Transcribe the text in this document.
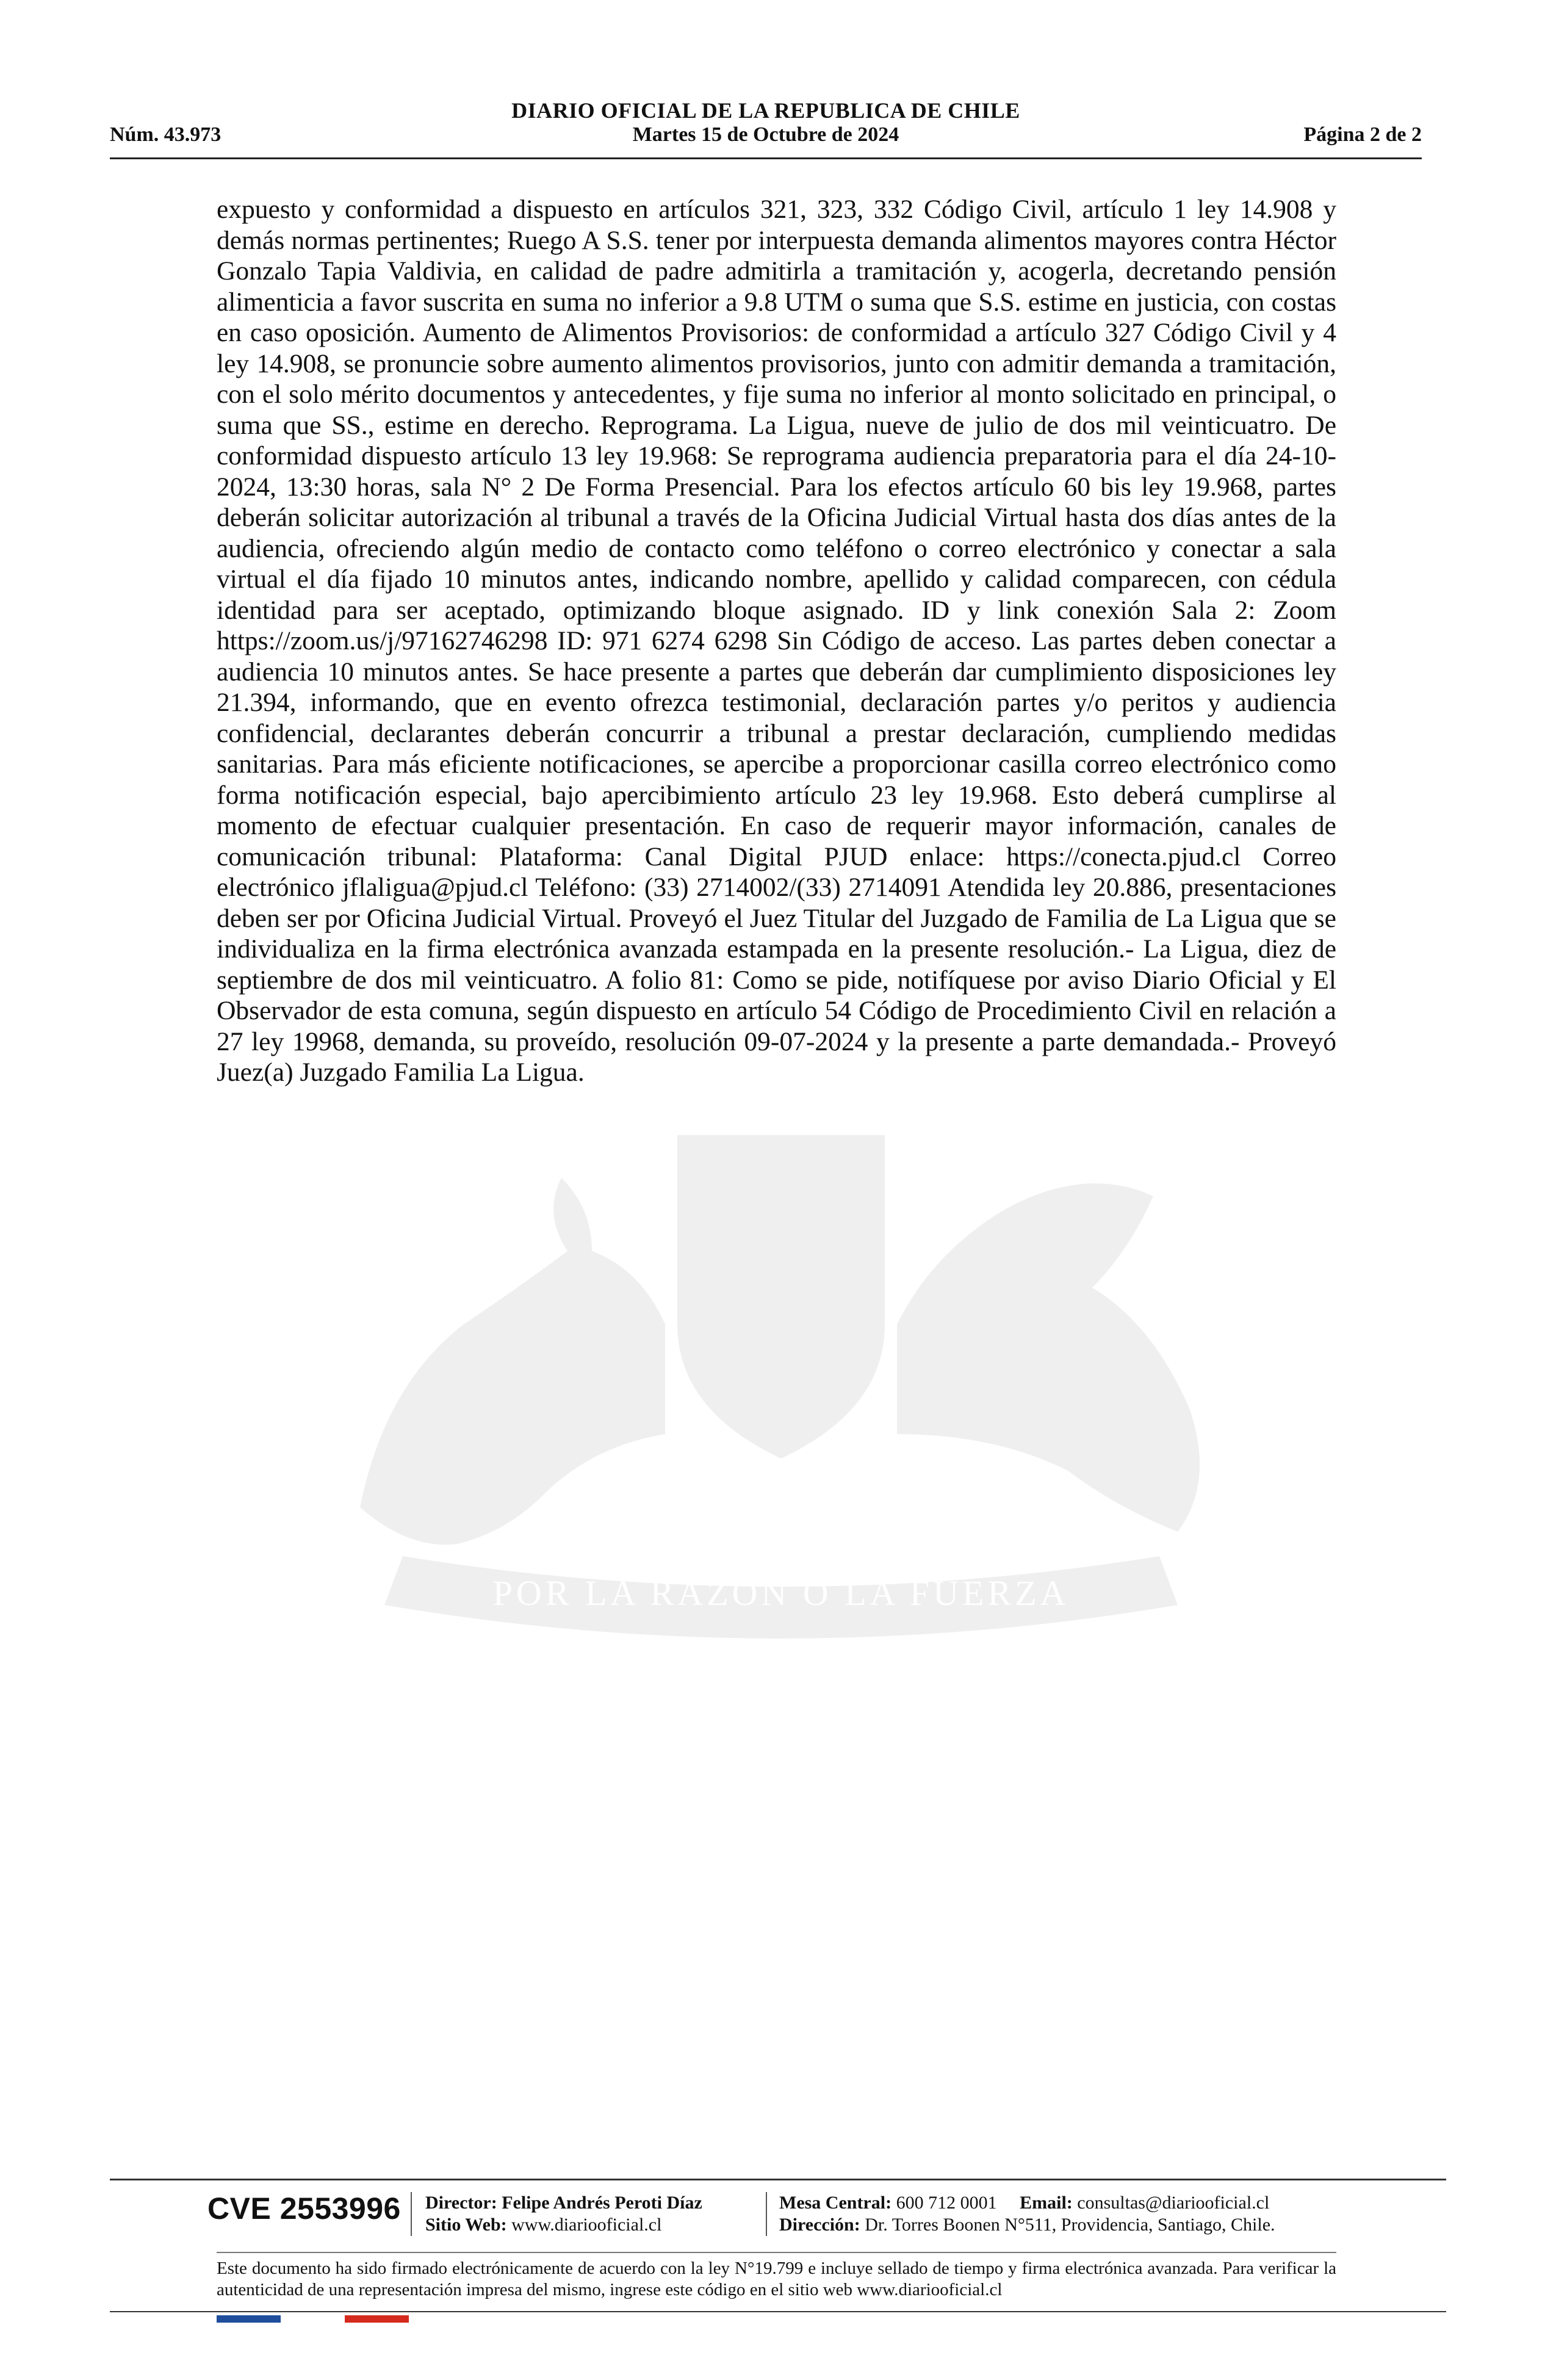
DIARIO OFICIAL DE LA REPUBLICA DE CHILE
Núm. 43.973	Martes 15 de Octubre de 2024	Página 2 de 2
POR LA RAZON O LA FUERZA
expuesto y conformidad a dispuesto en artículos 321, 323, 332 Código Civil, artículo 1 ley 14.908 y demás normas pertinentes; Ruego A S.S. tener por interpuesta demanda alimentos mayores contra Héctor Gonzalo Tapia Valdivia, en calidad de padre admitirla a tramitación y, acogerla, decretando pensión alimenticia a favor suscrita en suma no inferior a 9.8 UTM o suma que S.S. estime en justicia, con costas en caso oposición. Aumento de Alimentos Provisorios: de conformidad a artículo 327 Código Civil y 4 ley 14.908, se pronuncie sobre aumento alimentos provisorios, junto con admitir demanda a tramitación, con el solo mérito documentos y antecedentes, y fije suma no inferior al monto solicitado en principal, o suma que SS., estime en derecho. Reprograma. La Ligua, nueve de julio de dos mil veinticuatro. De conformidad dispuesto artículo 13 ley 19.968: Se reprograma audiencia preparatoria para el día 24-10-2024, 13:30 horas, sala N° 2 De Forma Presencial. Para los efectos artículo 60 bis ley 19.968, partes deberán solicitar autorización al tribunal a través de la Oficina Judicial Virtual hasta dos días antes de la audiencia, ofreciendo algún medio de contacto como teléfono o correo electrónico y conectar a sala virtual el día fijado 10 minutos antes, indicando nombre, apellido y calidad comparecen, con cédula identidad para ser aceptado, optimizando bloque asignado. ID y link conexión Sala 2: Zoom https://zoom.us/j/97162746298 ID: 971 6274 6298 Sin Código de acceso. Las partes deben conectar a audiencia 10 minutos antes. Se hace presente a partes que deberán dar cumplimiento disposiciones ley 21.394, informando, que en evento ofrezca testimonial, declaración partes y/o peritos y audiencia confidencial, declarantes deberán concurrir a tribunal a prestar declaración, cumpliendo medidas sanitarias. Para más eficiente notificaciones, se apercibe a proporcionar casilla correo electrónico como forma notificación especial, bajo apercibimiento artículo 23 ley 19.968. Esto deberá cumplirse al momento de efectuar cualquier presentación. En caso de requerir mayor información, canales de comunicación tribunal: Plataforma: Canal Digital PJUD enlace: https://conecta.pjud.cl Correo electrónico jflaligua@pjud.cl Teléfono: (33) 2714002/(33) 2714091 Atendida ley 20.886, presentaciones deben ser por Oficina Judicial Virtual. Proveyó el Juez Titular del Juzgado de Familia de La Ligua que se individualiza en la firma electrónica avanzada estampada en la presente resolución.- La Ligua, diez de septiembre de dos mil veinticuatro. A folio 81: Como se pide, notifíquese por aviso Diario Oficial y El Observador de esta comuna, según dispuesto en artículo 54 Código de Procedimiento Civil en relación a 27 ley 19968, demanda, su proveído, resolución 09-07-2024 y la presente a parte demandada.- Proveyó Juez(a) Juzgado Familia La Ligua.
CVE 2553996 Director: Felipe Andrés Peroti Díaz
Sitio Web: www.diariooficial.cl
Mesa Central: 600 712 0001 Email: consultas@diariooficial.cl
Dirección: Dr. Torres Boonen N°511, Providencia, Santiago, Chile.
Este documento ha sido firmado electrónicamente de acuerdo con la ley N°19.799 e incluye sellado de tiempo y firma electrónica avanzada. Para verificar la autenticidad de una representación impresa del mismo, ingrese este código en el sitio web www.diariooficial.cl
